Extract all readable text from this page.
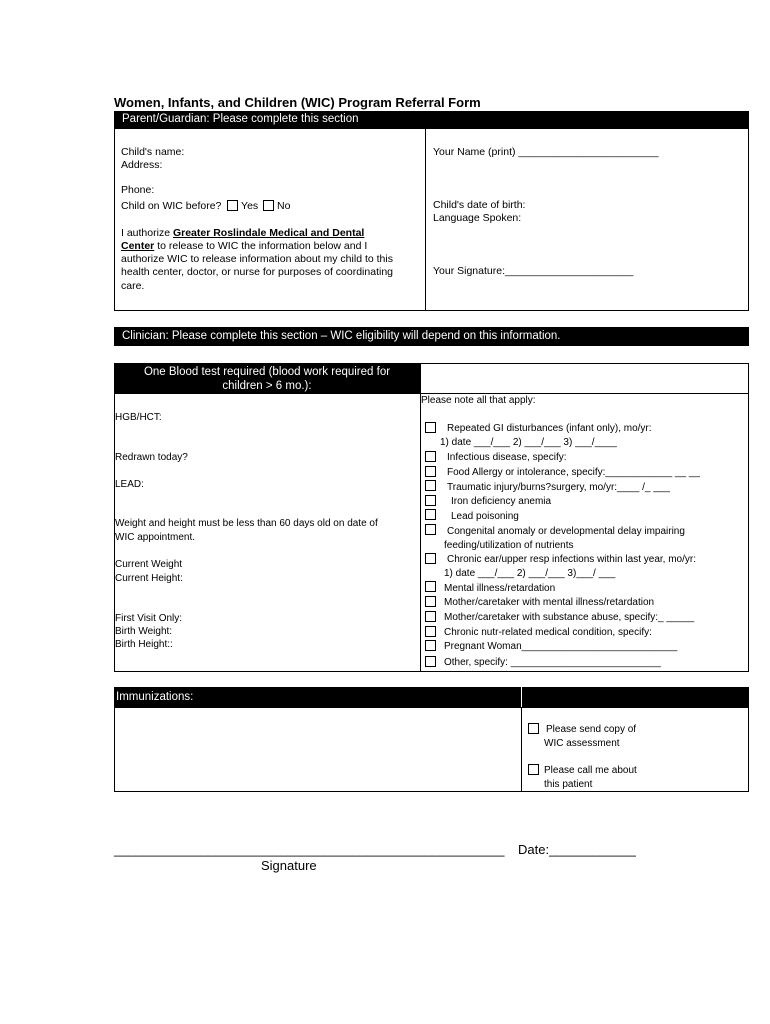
Women, Infants, and Children (WIC) Program Referral Form
Parent/Guardian: Please complete this section
Child's name:
Address:
Phone:
Child on WIC before? Yes No
I authorize Greater Roslindale Medical and Dental
Center to release to WIC the information below and I
authorize WIC to release information about my child to this
health center, doctor, or nurse for purposes of coordinating
care.
Your Name (print) ________________________
Child's date of birth:
Language Spoken:
Your Signature:______________________
Clinician: Please complete this section – WIC eligibility will depend on this information.
One Blood test required (blood work required for
children > 6 mo.):
HGB/HCT:
Redrawn today?
LEAD:
Weight and height must be less than 60 days old on date of
WIC appointment.
Current Weight
Current Height:
First Visit Only:
Birth Weight:
Birth Height::
Please note all that apply:
Repeated GI disturbances (infant only), mo/yr:
1) date ___/___ 2) ___/___ 3) ___/____
Infectious disease, specify:
Food Allergy or intolerance, specify:____________ __ __
Traumatic injury/burns?surgery, mo/yr:____ /_ ___
Iron deficiency anemia
Lead poisoning
Congenital anomaly or developmental delay impairing
feeding/utilization of nutrients
Chronic ear/upper resp infections within last year, mo/yr:
1) date ___/___ 2) ___/___ 3)___/ ___
Mental illness/retardation
Mother/caretaker with mental illness/retardation
Mother/caretaker with substance abuse, specify:_ _____
Chronic nutr-related medical condition, specify:
Pregnant Woman____________________________
Other, specify: ___________________________
Immunizations:
Please send copy of
WIC assessment
Please call me about
this patient
______________________________________________________ Date:____________
Signature
